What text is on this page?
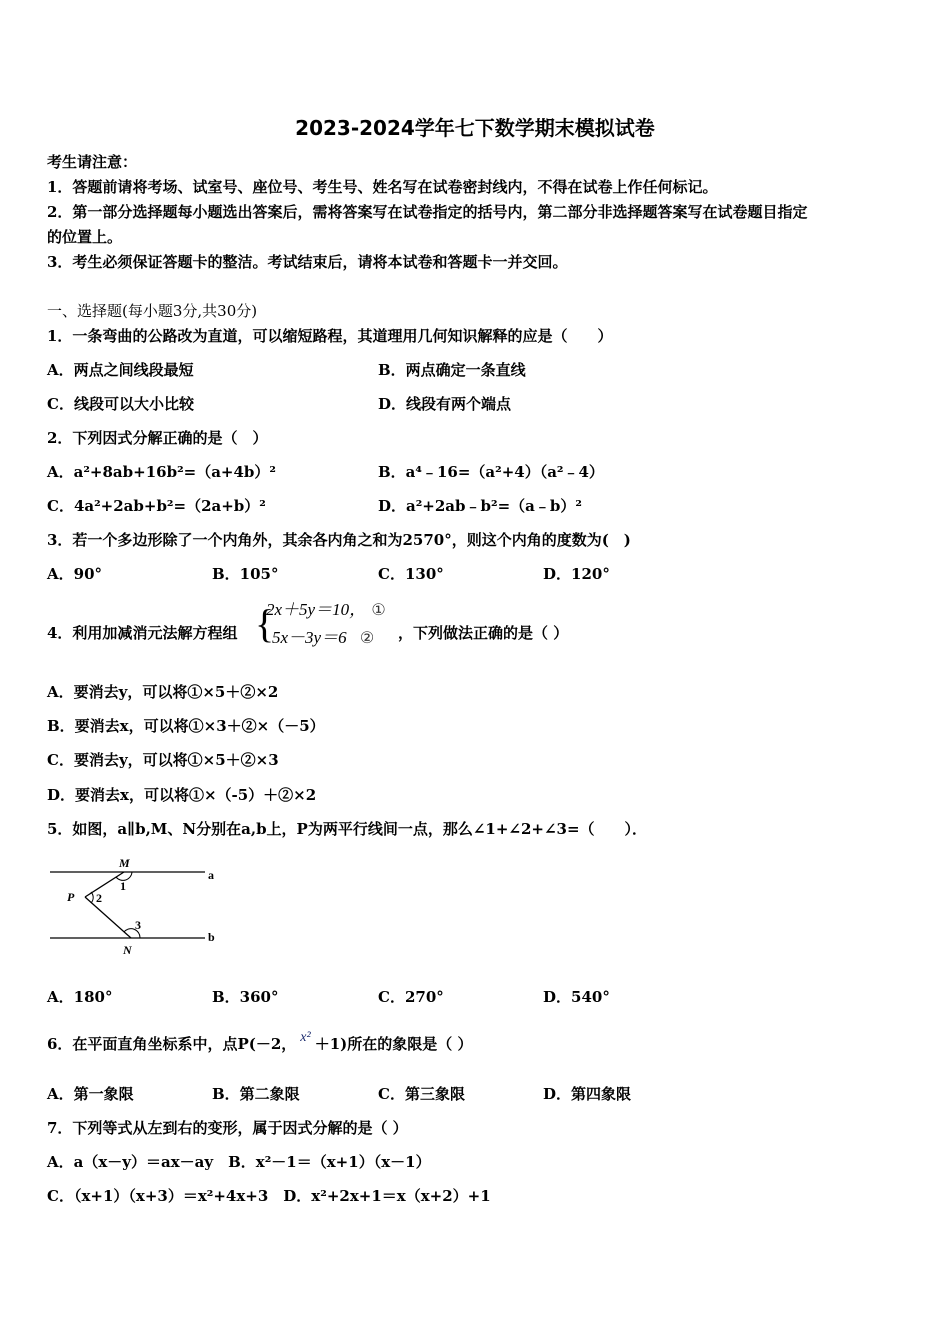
2023-2024学年七下数学期末模拟试卷
考生请注意：
1．答题前请将考场、试室号、座位号、考生号、姓名写在试卷密封线内，不得在试卷上作任何标记。
2．第一部分选择题每小题选出答案后，需将答案写在试卷指定的括号内，第二部分非选择题答案写在试卷题目指定
的位置上。
3．考生必须保证答题卡的整洁。考试结束后，请将本试卷和答题卡一并交回。
一、选择题(每小题3分,共30分)
1．一条弯曲的公路改为直道，可以缩短路程，其道理用几何知识解释的应是（　　）
A．两点之间线段最短	B．两点确定一条直线
C．线段可以大小比较	D．线段有两个端点
2．下列因式分解正确的是（　）
A．a²+8ab+16b²=（a+4b）²	B．a⁴﹣16=（a²+4）（a²﹣4）
C．4a²+2ab+b²=（2a+b）²	D．a²+2ab﹣b²=（a﹣b）²
3．若一个多边形除了一个内角外，其余各内角之和为2570°，则这个内角的度数为(　)
A．90°	B．105°	C．130°	D．120°
4．利用加减消元法解方程组 {
2x＋5y＝10， ①
5x－3y＝6 ② ，下列做法正确的是（ ）
A．要消去y，可以将①×5＋②×2
B．要消去x，可以将①×3＋②×（－5）
C．要消去y，可以将①×5＋②×3
D．要消去x，可以将①×（-5）＋②×2
5．如图，a∥b,M、N分别在a,b上，P为两平行线间一点，那么∠1+∠2+∠3=（　　）．
M
N
P
a
b
1
2
3
A．180°	B．360°	C．270°	D．540°
6．在平面直角坐标系中，点P(－2， x² ＋1)所在的象限是（ ）
A．第一象限	B．第二象限	C．第三象限	D．第四象限
7．下列等式从左到右的变形，属于因式分解的是（ ）
A．a（x－y）＝ax－ay　B．x²－1＝（x+1）（x－1）
C．（x+1）（x+3）＝x²+4x+3　D．x²+2x+1＝x（x+2）+1
